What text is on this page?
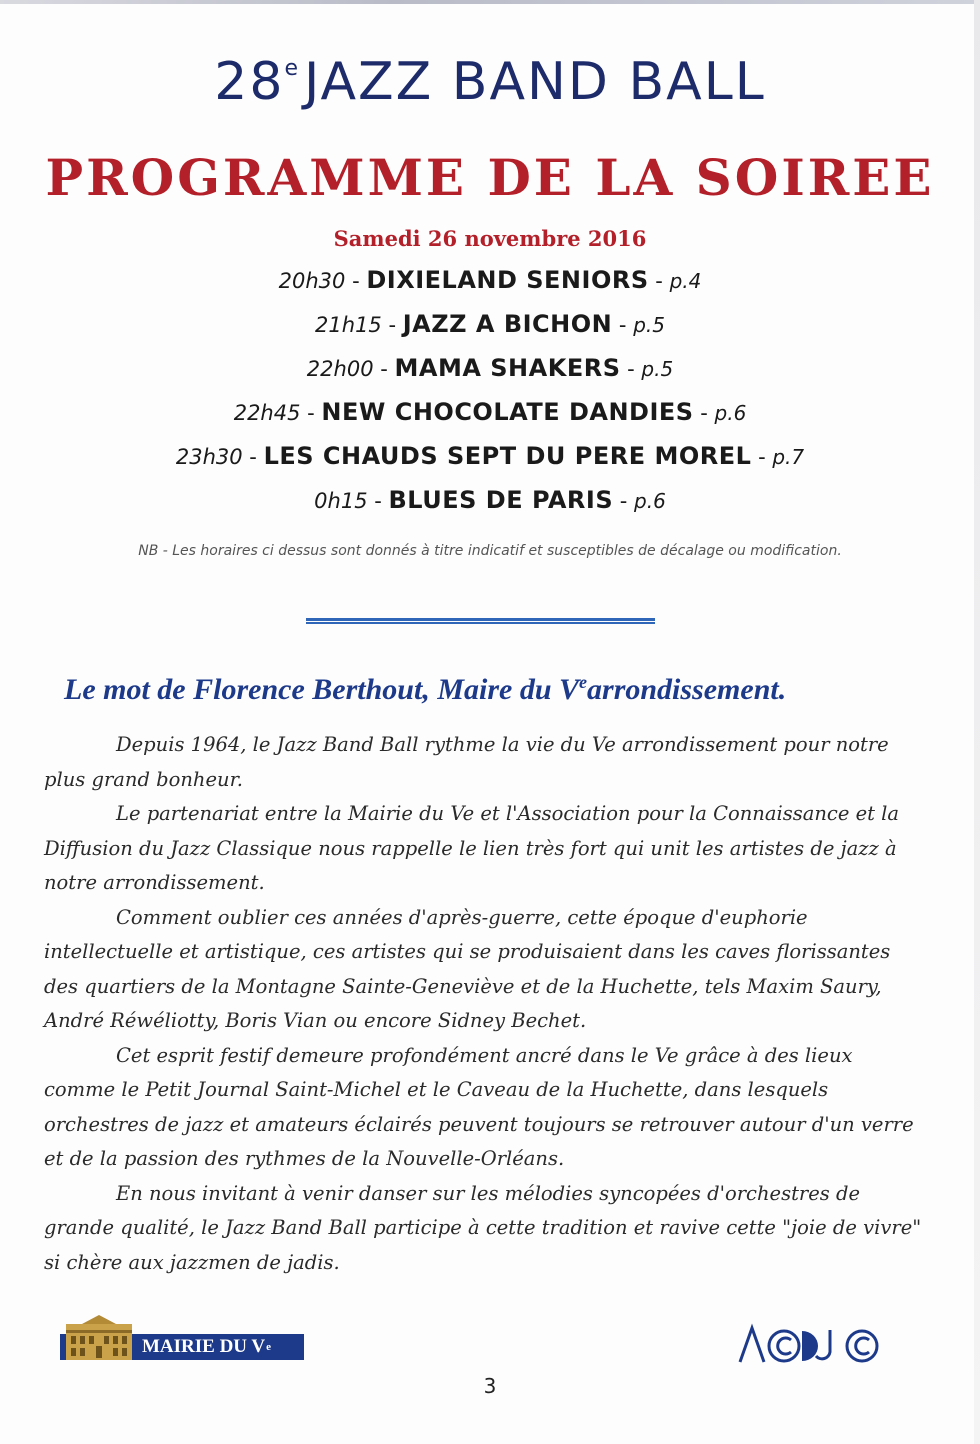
28eJAZZ BAND BALL
PROGRAMME DE LA SOIREE
Samedi 26 novembre 2016
20h30 - DIXIELAND SENIORS - p.4
21h15 - JAZZ A BICHON - p.5
22h00 - MAMA SHAKERS - p.5
22h45 - NEW CHOCOLATE DANDIES - p.6
23h30 - LES CHAUDS SEPT DU PERE MOREL - p.7
0h15 - BLUES DE PARIS - p.6
NB - Les horaires ci dessus sont donnés à titre indicatif et susceptibles de décalage ou modification.
Le mot de Florence Berthout, Maire du Vearrondissement.

Depuis 1964, le Jazz Band Ball rythme la vie du Ve arrondissement pour notre plus grand bonheur.

Le partenariat entre la Mairie du Ve et l'Association pour la Connaissance et la Diffusion du Jazz Classique nous rappelle le lien très fort qui unit les artistes de jazz à notre arrondissement.

Comment oublier ces années d'après-guerre, cette époque d'euphorie intellectuelle et artistique, ces artistes qui se produisaient dans les caves florissantes des quartiers de la Montagne Sainte-Geneviève et de la Huchette, tels Maxim Saury, André Réwéliotty, Boris Vian ou encore Sidney Bechet.

Cet esprit festif demeure profondément ancré dans le Ve grâce à des lieux comme le Petit Journal Saint-Michel et le Caveau de la Huchette, dans lesquels orchestres de jazz et amateurs éclairés peuvent toujours se retrouver autour d'un verre et de la passion des rythmes de la Nouvelle-Orléans.

En nous invitant à venir danser sur les mélodies syncopées d'orchestres de grande qualité, le Jazz Band Ball participe à cette tradition et ravive cette "joie de vivre" si chère aux jazzmen de jadis.

MAIRIE DU V e
3
